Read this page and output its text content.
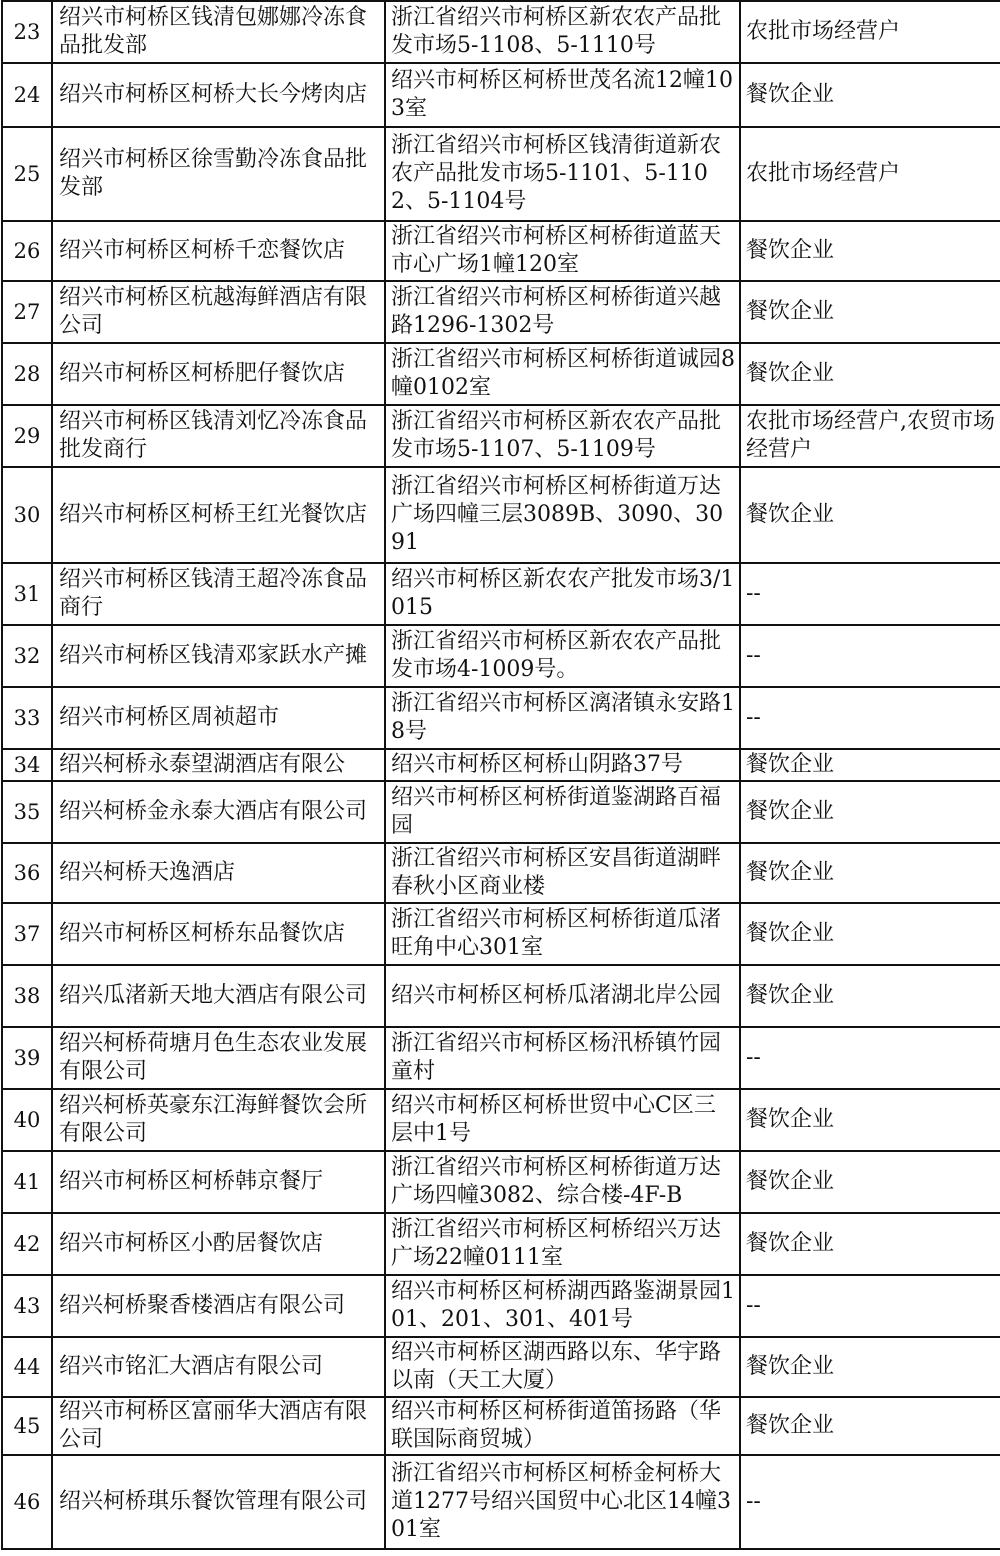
23	绍兴市柯桥区钱清包娜娜冷冻食品批发部	浙江省绍兴市柯桥区新农农产品批发市场5-1108、5-1110号	农批市场经营户
24	绍兴市柯桥区柯桥大长今烤肉店	绍兴市柯桥区柯桥世茂名流12幢103室	餐饮企业
25	绍兴市柯桥区徐雪勤冷冻食品批发部	浙江省绍兴市柯桥区钱清街道新农农产品批发市场5-1101、5-1102、5-1104号	农批市场经营户
26	绍兴市柯桥区柯桥千恋餐饮店	浙江省绍兴市柯桥区柯桥街道蓝天市心广场1幢120室	餐饮企业
27	绍兴市柯桥区杭越海鲜酒店有限公司	浙江省绍兴市柯桥区柯桥街道兴越路1296-1302号	餐饮企业
28	绍兴市柯桥区柯桥肥仔餐饮店	浙江省绍兴市柯桥区柯桥街道诚园8幢0102室	餐饮企业
29	绍兴市柯桥区钱清刘忆冷冻食品批发商行	浙江省绍兴市柯桥区新农农产品批发市场5-1107、5-1109号	农批市场经营户,农贸市场经营户
30	绍兴市柯桥区柯桥王红光餐饮店	浙江省绍兴市柯桥区柯桥街道万达广场四幢三层3089B、3090、3091	餐饮企业
31	绍兴市柯桥区钱清王超冷冻食品商行	绍兴市柯桥区新农农产批发市场3/1015	--
32	绍兴市柯桥区钱清邓家跃水产摊	浙江省绍兴市柯桥区新农农产品批发市场4-1009号。	--
33	绍兴市柯桥区周祯超市	浙江省绍兴市柯桥区漓渚镇永安路18号	--
34	绍兴柯桥永泰望湖酒店有限公	绍兴市柯桥区柯桥山阴路37号	餐饮企业
35	绍兴柯桥金永泰大酒店有限公司	绍兴市柯桥区柯桥街道鉴湖路百福园	餐饮企业
36	绍兴柯桥天逸酒店	浙江省绍兴市柯桥区安昌街道湖畔春秋小区商业楼	餐饮企业
37	绍兴市柯桥区柯桥东品餐饮店	浙江省绍兴市柯桥区柯桥街道瓜渚旺角中心301室	餐饮企业
38	绍兴瓜渚新天地大酒店有限公司	绍兴市柯桥区柯桥瓜渚湖北岸公园	餐饮企业
39	绍兴柯桥荷塘月色生态农业发展有限公司	浙江省绍兴市柯桥区杨汛桥镇竹园童村	--
40	绍兴柯桥英豪东江海鲜餐饮会所有限公司	绍兴市柯桥区柯桥世贸中心C区三层中1号	餐饮企业
41	绍兴市柯桥区柯桥韩京餐厅	浙江省绍兴市柯桥区柯桥街道万达广场四幢3082、综合楼-4F-B	餐饮企业
42	绍兴市柯桥区小酌居餐饮店	浙江省绍兴市柯桥区柯桥绍兴万达广场22幢0111室	餐饮企业
43	绍兴柯桥聚香楼酒店有限公司	绍兴市柯桥区柯桥湖西路鉴湖景园101、201、301、401号	--
44	绍兴市铭汇大酒店有限公司	绍兴市柯桥区湖西路以东、华宇路以南（天工大厦）	餐饮企业
45	绍兴市柯桥区富丽华大酒店有限公司	绍兴市柯桥区柯桥街道笛扬路（华联国际商贸城）	餐饮企业
46	绍兴柯桥琪乐餐饮管理有限公司	浙江省绍兴市柯桥区柯桥金柯桥大道1277号绍兴国贸中心北区14幢301室	--
